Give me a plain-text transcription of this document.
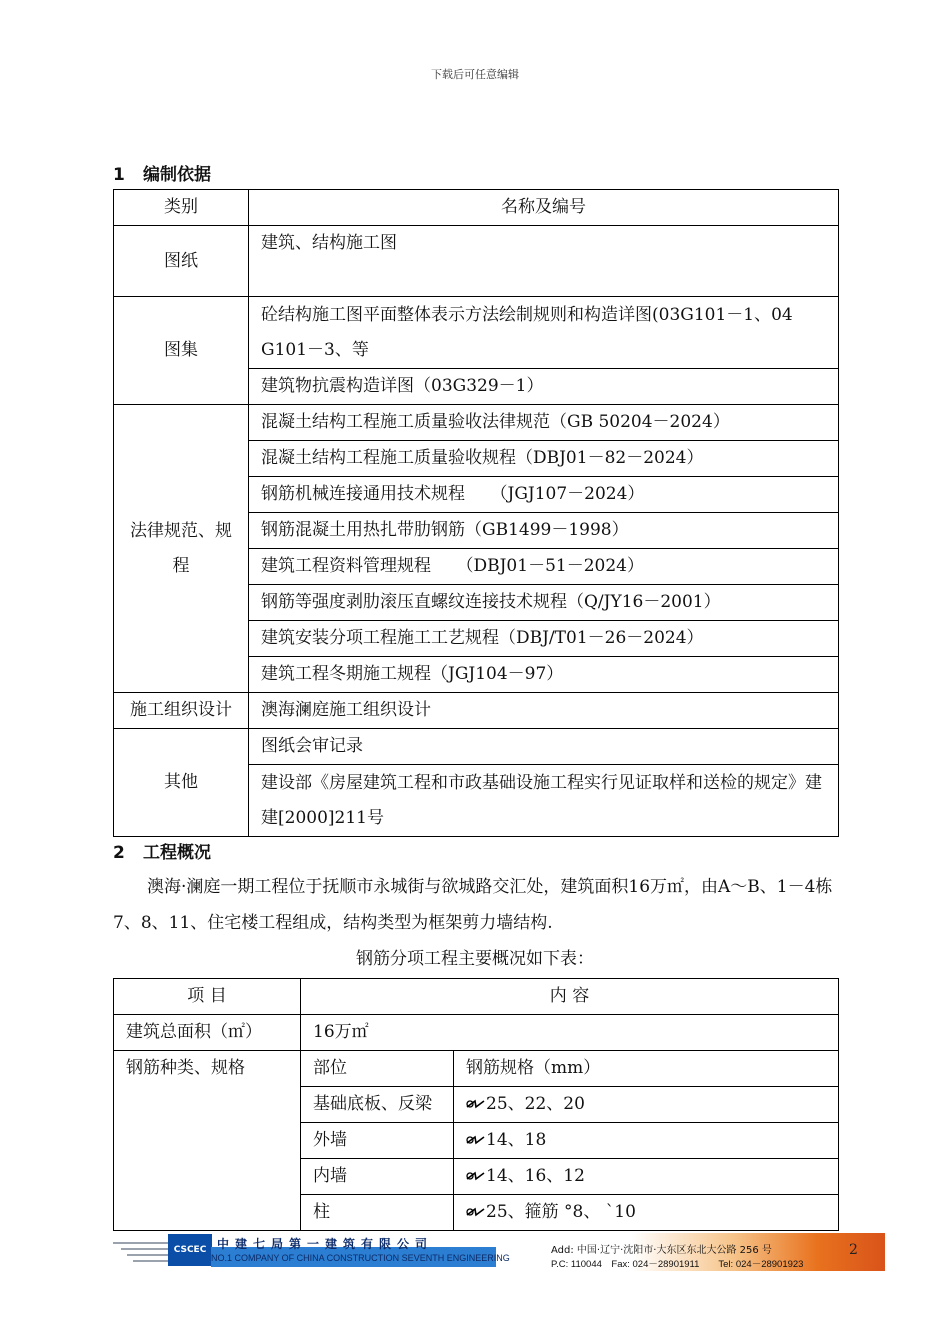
下载后可任意编辑
1 编制依据
类别	名称及编号
图纸	建筑、结构施工图
图集	砼结构施工图平面整体表示方法绘制规则和构造详图(03G101－1、04 G101－3、等
	建筑物抗震构造详图（03G329－1）

法律规范、规
程	混凝土结构工程施工质量验收法律规范（GB 50204－2024）
	混凝土结构工程施工质量验收规程（DBJ01－82－2024）
	钢筋机械连接通用技术规程　　（JGJ107－2024）
	钢筋混凝土用热扎带肋钢筋（GB1499－1998）
	建筑工程资料管理规程　　（DBJ01－51－2024）
	钢筋等强度剥肋滚压直螺纹连接技术规程（Q/JY16－2001）
	建筑安装分项工程施工工艺规程（DBJ/T01－26－2024）
	建筑工程冬期施工规程（JGJ104－97）
施工组织设计	澳海澜庭施工组织设计
其他	图纸会审记录
	建设部《房屋建筑工程和市政基础设施工程实行见证取样和送检的规定》建建[2000]211号
2 工程概况
澳海·澜庭一期工程位于抚顺市永城街与欲城路交汇处，建筑面积16万㎡，由A～B、1－4栋7、8、11、住宅楼工程组成，结构类型为框架剪力墙结构.
钢筋分项工程主要概况如下表：
项 目	内 容	
建筑总面积（㎡）	16万㎡	
钢筋种类、规格	部位	钢筋规格（mm）
	基础底板、反梁	25、22、20
	外墙	14、18
	内墙	14、16、12
	柱	25、箍筋 °8、 `10
CSCEC 中建七局第一建筑有限公司
NO.1 COMPANY OF CHINA CONSTRUCTION SEVENTH ENGINEERING
Add: 中国·辽宁·沈阳市·大东区东北大公路 256 号
P.C: 110044　Fax: 024－28901911　　Tel: 024－28901923
2
